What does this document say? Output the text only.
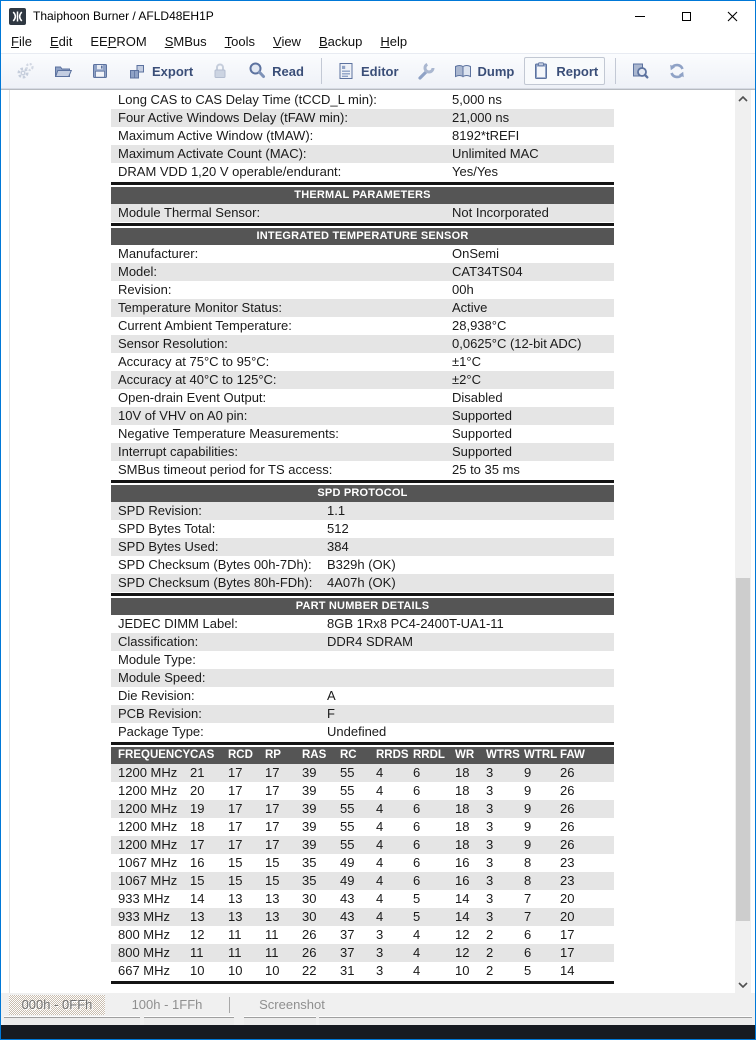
Thaiphoon Burner / AFLD48EH1P
File	Edit	EEPROM	SMBus	Tools	View	Backup	Help
Export	Read	Editor	Dump	Report
Long CAS to CAS Delay Time (tCCD_L min):	5,000 ns
Four Active Windows Delay (tFAW min):	21,000 ns
Maximum Active Window (tMAW):	8192*tREFI
Maximum Activate Count (MAC):	Unlimited MAC
DRAM VDD 1,20 V operable/endurant:	Yes/Yes
THERMAL PARAMETERS
Module Thermal Sensor:	Not Incorporated
INTEGRATED TEMPERATURE SENSOR
Manufacturer:	OnSemi
Model:	CAT34TS04
Revision:	00h
Temperature Monitor Status:	Active
Current Ambient Temperature:	28,938°C
Sensor Resolution:	0,0625°C (12-bit ADC)
Accuracy at 75°C to 95°C:	±1°C
Accuracy at 40°C to 125°C:	±2°C
Open-drain Event Output:	Disabled
10V of VHV on A0 pin:	Supported
Negative Temperature Measurements:	Supported
Interrupt capabilities:	Supported
SMBus timeout period for TS access:	25 to 35 ms
SPD PROTOCOL
SPD Revision:	1.1
SPD Bytes Total:	512
SPD Bytes Used:	384
SPD Checksum (Bytes 00h-7Dh): B329h (OK)
SPD Checksum (Bytes 80h-FDh): 4A07h (OK)
PART NUMBER DETAILS
JEDEC DIMM Label:	8GB 1Rx8 PC4-2400T-UA1-11
Classification:	DDR4 SDRAM
Module Type:
Module Speed:
Die Revision:	A
PCB Revision:	F
Package Type:	Undefined
FREQUENCY CAS RCD RP RAS RC RRDS RRDL WR WTRS WTRL FAW
1200 MHz 21 17 17 39 55 4 6	18 3 9 26
1200 MHz 20 17 17 39 55 4 6	18 3 9 26
1200 MHz 19 17 17 39 55 4 6	18 3 9 26
1200 MHz 18 17 17 39 55 4 6	18 3 9 26
1200 MHz 17 17 17 39 55 4 6	18 3 9 26
1067 MHz 16 15 15 35 49 4 6	16 3 8 23
1067 MHz 15 15 15 35 49 4 6	16 3 8 23
933 MHz 14 13 13 30 43 4 5	14 3 7 20
933 MHz 13 13 13 30 43 4 5	14 3 7 20
800 MHz 12 11 11 26 37 3 4	12 2 6 17
800 MHz 11 11 11 26 37 3 4	12 2 6 17
667 MHz 10 10 10 22 31 3 4	10 2 5 14
000h - 0FFh	100h - 1FFh	Screenshot
